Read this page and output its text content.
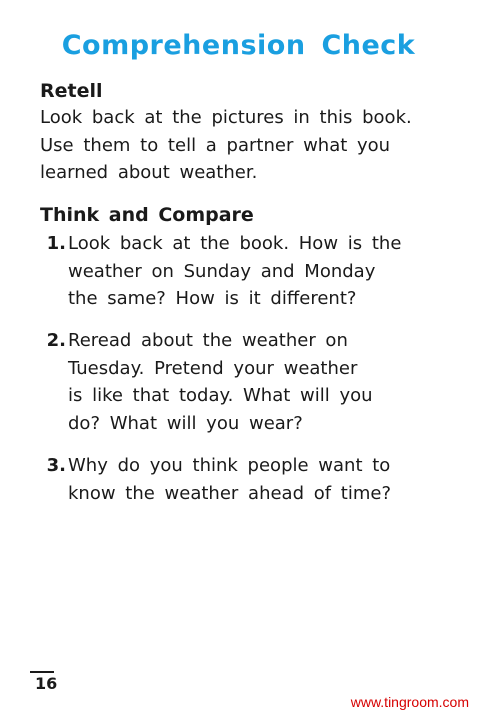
Comprehension Check
Retell
Look back at the pictures in this book.
Use them to tell a partner what you
learned about weather.
Think and Compare
1. Look back at the book. How is the
weather on Sunday and Monday
the same? How is it different?
2. Reread about the weather on
Tuesday. Pretend your weather
is like that today. What will you
do? What will you wear?
3. Why do you think people want to
know the weather ahead of time?
16
www.tingroom.com
